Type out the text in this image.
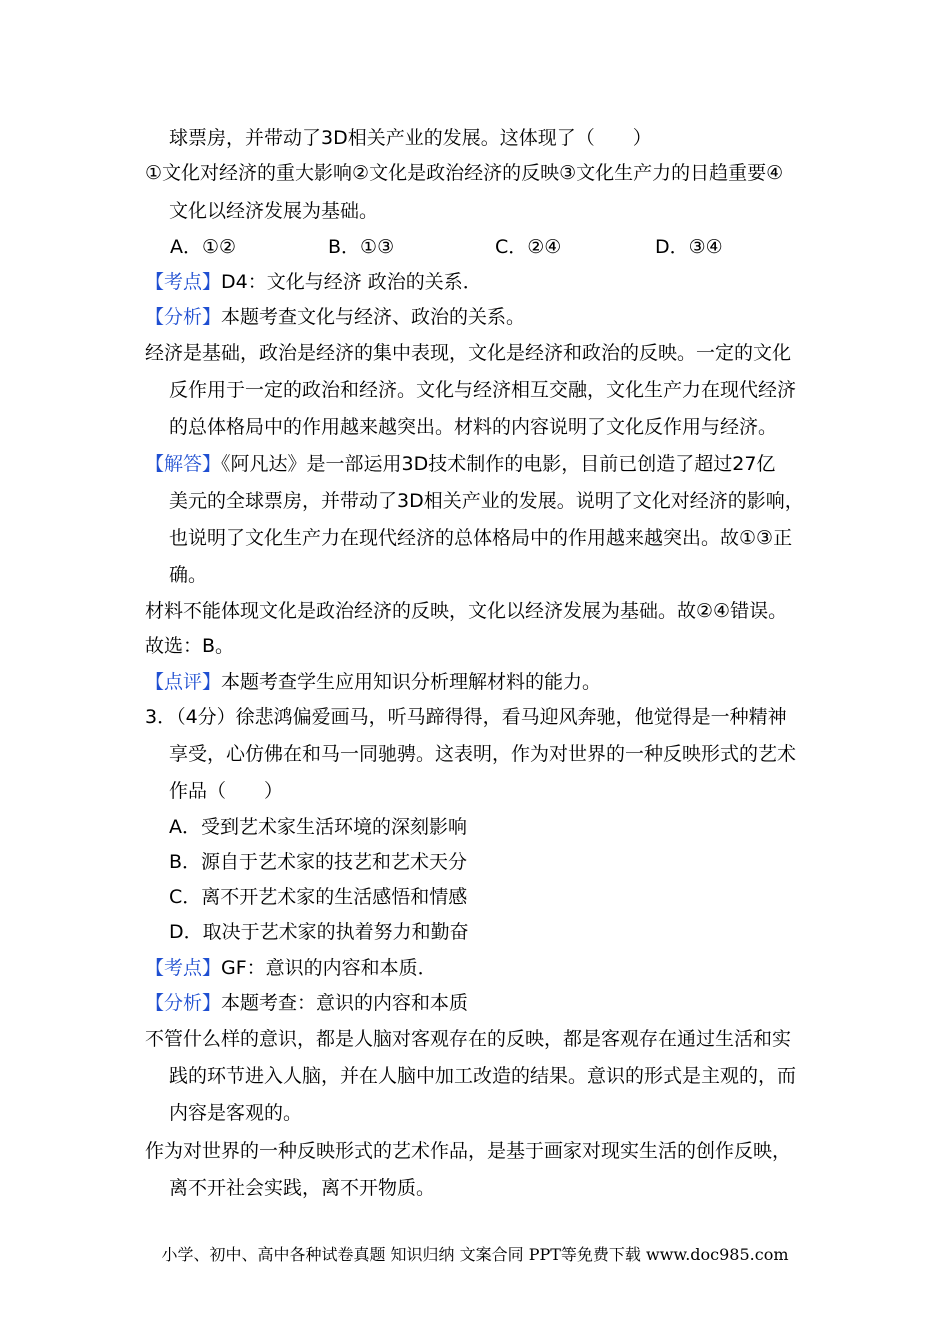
球票房，并带动了3D相关产业的发展。这体现了（　　）
①文化对经济的重大影响②文化是政治经济的反映③文化生产力的日趋重要④
文化以经济发展为基础。
A．①②	B．①③	C．②④	D．③④
【考点】D4：文化与经济 政治的关系．
【分析】本题考查文化与经济、政治的关系。
经济是基础，政治是经济的集中表现，文化是经济和政治的反映。一定的文化
反作用于一定的政治和经济。文化与经济相互交融，文化生产力在现代经济
的总体格局中的作用越来越突出。材料的内容说明了文化反作用与经济。
【解答】《阿凡达》是一部运用3D技术制作的电影，目前已创造了超过27亿
美元的全球票房，并带动了3D相关产业的发展。说明了文化对经济的影响，
也说明了文化生产力在现代经济的总体格局中的作用越来越突出。故①③正
确。
材料不能体现文化是政治经济的反映，文化以经济发展为基础。故②④错误。
故选：B。
【点评】本题考查学生应用知识分析理解材料的能力。
3．（4分）徐悲鸿偏爱画马，听马蹄得得，看马迎风奔驰，他觉得是一种精神
享受，心仿佛在和马一同驰骋。这表明，作为对世界的一种反映形式的艺术
作品（　　）
A．受到艺术家生活环境的深刻影响
B．源自于艺术家的技艺和艺术天分
C．离不开艺术家的生活感悟和情感
D．取决于艺术家的执着努力和勤奋
【考点】GF：意识的内容和本质．
【分析】本题考查：意识的内容和本质
不管什么样的意识，都是人脑对客观存在的反映，都是客观存在通过生活和实
践的环节进入人脑，并在人脑中加工改造的结果。意识的形式是主观的，而
内容是客观的。
作为对世界的一种反映形式的艺术作品，是基于画家对现实生活的创作反映，
离不开社会实践，离不开物质。
小学、初中、高中各种试卷真题 知识归纳 文案合同 PPT等免费下载 www.doc985.com
